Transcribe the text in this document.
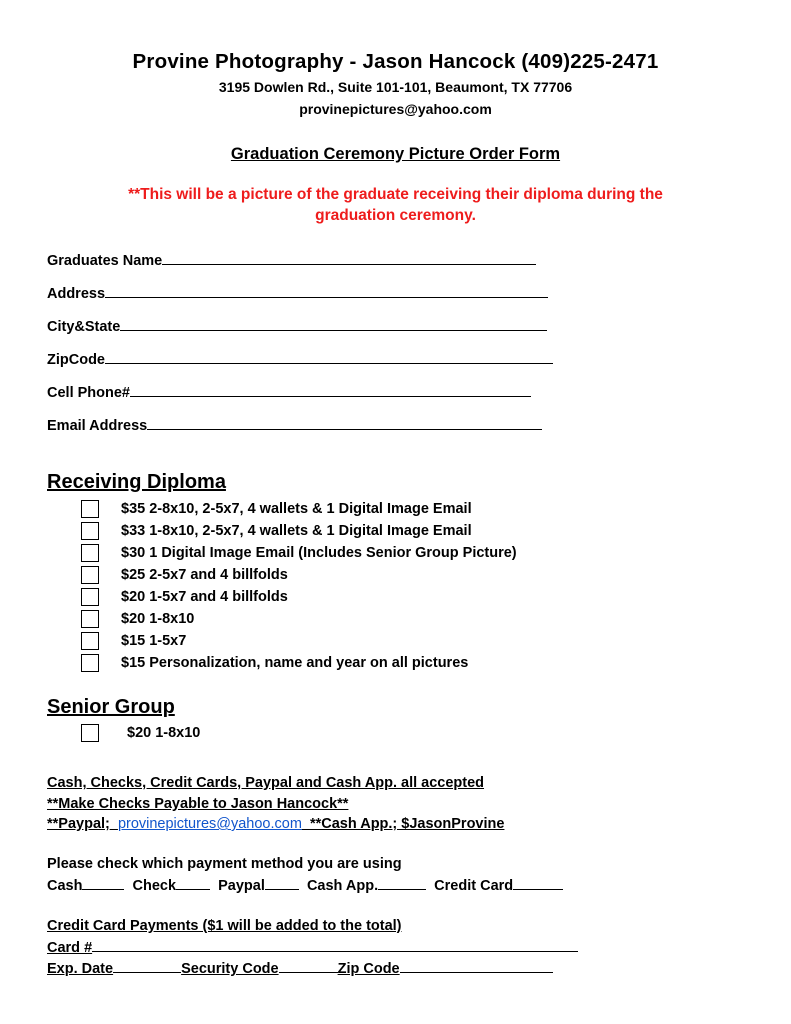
Provine Photography - Jason Hancock (409)225-2471
3195 Dowlen Rd., Suite 101-101, Beaumont, TX 77706
provinepictures@yahoo.com
Graduation Ceremony Picture Order Form
**This will be a picture of the graduate receiving their diploma during the
graduation ceremony.
Graduates Name
Address
City&State
ZipCode
Cell Phone#
Email Address
Receiving Diploma
$35 2-8x10, 2-5x7, 4 wallets & 1 Digital Image Email
$33 1-8x10, 2-5x7, 4 wallets & 1 Digital Image Email
$30 1 Digital Image Email (Includes Senior Group Picture)
$25 2-5x7 and 4 billfolds
$20 1-5x7 and 4 billfolds
$20 1-8x10
$15 1-5x7
$15 Personalization, name and year on all pictures
Senior Group
$20 1-8x10
Cash, Checks, Credit Cards, Paypal and Cash App. all accepted
**Make Checks Payable to Jason Hancock**
**Paypal; provinepictures@yahoo.com **Cash App.; $JasonProvine
Please check which payment method you are using
Cash	Check	Paypal	Cash App.	Credit Card
Credit Card Payments ($1 will be added to the total)
Card #
Exp. Date	Security Code	Zip Code
